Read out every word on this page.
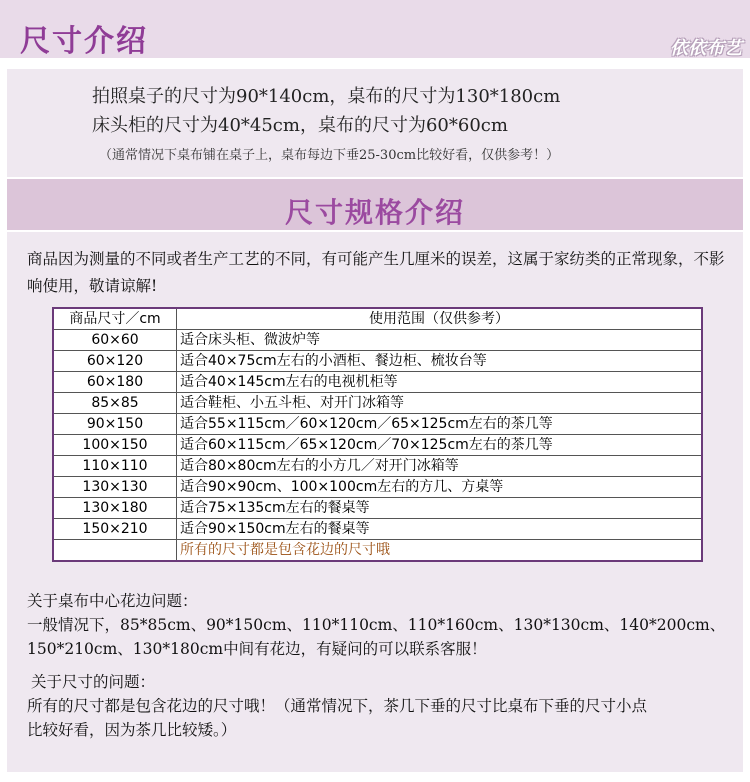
尺寸介绍	依依布艺
拍照桌子的尺寸为90*140cm，桌布的尺寸为130*180cm
床头柜的尺寸为40*45cm，桌布的尺寸为60*60cm
（通常情况下桌布铺在桌子上，桌布每边下垂25-30cm比较好看，仅供参考！）
尺寸规格介绍
商品因为测量的不同或者生产工艺的不同，有可能产生几厘米的误差，这属于家纺类的正常现象，不影响使用，敬请谅解!
商品尺寸／cm	使用范围（仅供参考）
60×60	适合床头柜、微波炉等
60×120	适合40×75cm左右的小酒柜、餐边柜、梳妆台等
60×180	适合40×145cm左右的电视机柜等
85×85	适合鞋柜、小五斗柜、对开门冰箱等
90×150	适合55×115cm／60×120cm／65×125cm左右的茶几等
100×150	适合60×115cm／65×120cm／70×125cm左右的茶几等
110×110	适合80×80cm左右的小方几／对开门冰箱等
130×130	适合90×90cm、100×100cm左右的方几、方桌等
130×180	适合75×135cm左右的餐桌等
150×210	适合90×150cm左右的餐桌等
	所有的尺寸都是包含花边的尺寸哦
关于桌布中心花边问题：
一般情况下，85*85cm、90*150cm、110*110cm、110*160cm、130*130cm、140*200cm、
150*210cm、130*180cm中间有花边，有疑问的可以联系客服！
关于尺寸的问题：
所有的尺寸都是包含花边的尺寸哦！（通常情况下，茶几下垂的尺寸比桌布下垂的尺寸小点
比较好看，因为茶几比较矮。）
